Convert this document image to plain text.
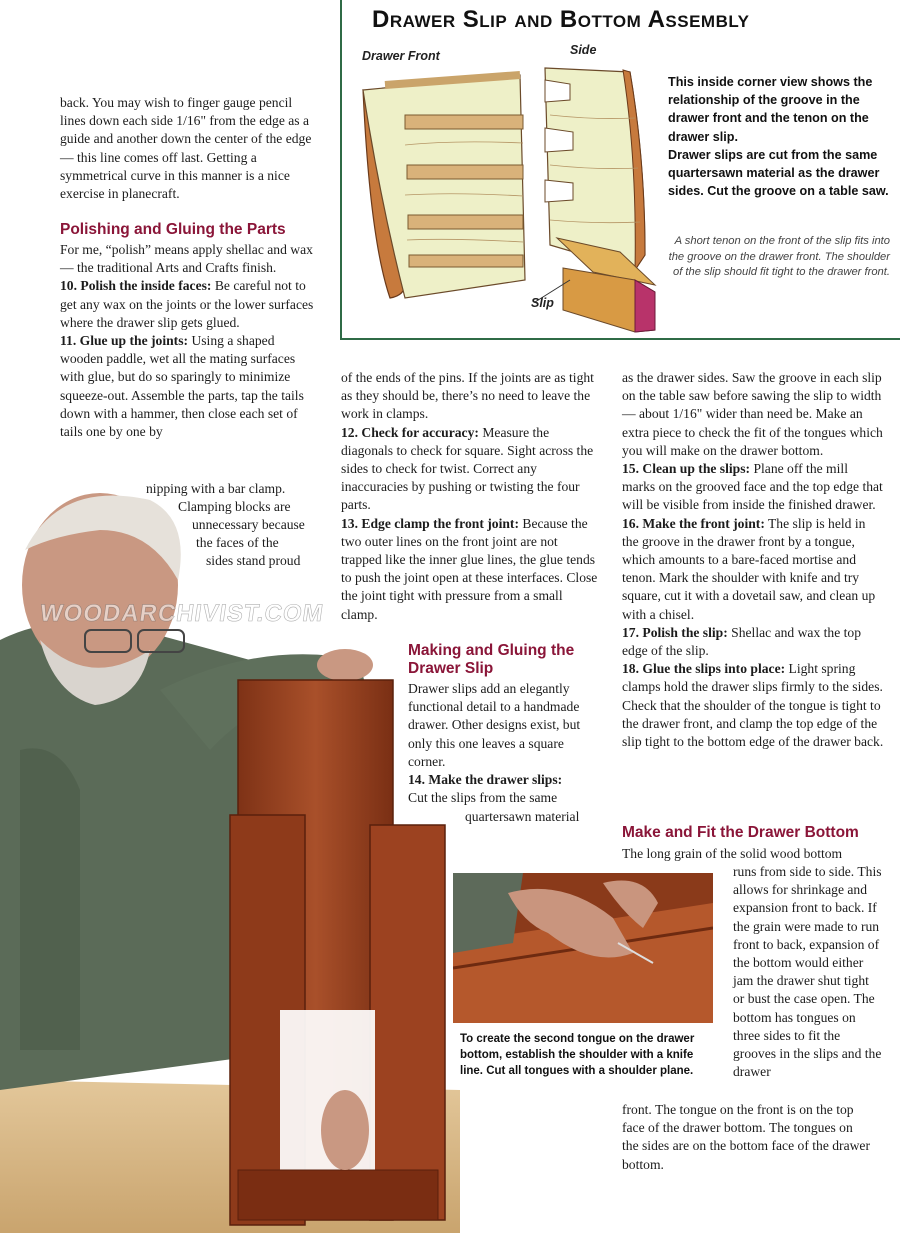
Drawer Slip and Bottom Assembly
Drawer Front	Side
Slip
This inside corner view shows the relationship of the groove in the drawer front and the tenon on the drawer slip.
Drawer slips are cut from the same quartersawn material as the drawer sides. Cut the groove on a table saw.
A short tenon on the front of the slip fits into the groove on the drawer front. The shoulder of the slip should fit tight to the drawer front.
back. You may wish to finger gauge pencil lines down each side 1/16" from the edge as a guide and another down the center of the edge — this line comes off last. Getting a symmetrical curve in this manner is a nice exercise in planecraft.
Polishing and Gluing the Parts
For me, “polish” means apply shellac and wax — the traditional Arts and Crafts finish.
10. Polish the inside faces: Be careful not to get any wax on the joints or the lower surfaces where the drawer slip gets glued.
11. Glue up the joints: Using a shaped wooden paddle, wet all the mating surfaces with glue, but do so sparingly to minimize squeeze-out. Assemble the parts, tap the tails down with a hammer, then close each set of tails one by one by
nipping with a bar clamp.
Clamping blocks are
unnecessary because
the faces of the
sides stand proud
WOODARCHIVIST.COM
of the ends of the pins. If the joints are as tight as they should be, there’s no need to leave the work in clamps.
12. Check for accuracy: Measure the diagonals to check for square. Sight across the sides to check for twist. Correct any inaccuracies by pushing or twisting the four parts.
13. Edge clamp the front joint: Because the two outer lines on the front joint are not trapped like the inner glue lines, the glue tends to push the joint open at these interfaces. Close the joint tight with pressure from a small clamp.
Making and Gluing the Drawer Slip
Drawer slips add an elegantly functional detail to a handmade drawer. Other designs exist, but only this one leaves a square corner.
14. Make the drawer slips:
Cut the slips from the same
quartersawn material
as the drawer sides. Saw the groove in each slip on the table saw before sawing the slip to width — about 1/16" wider than need be. Make an extra piece to check the fit of the tongues which you will make on the drawer bottom.
15. Clean up the slips: Plane off the mill marks on the grooved face and the top edge that will be visible from inside the finished drawer.
16. Make the front joint: The slip is held in the groove in the drawer front by a tongue, which amounts to a bare-faced mortise and tenon. Mark the shoulder with knife and try square, cut it with a dovetail saw, and clean up with a chisel.
17. Polish the slip: Shellac and wax the top edge of the slip.
18. Glue the slips into place: Light spring clamps hold the drawer slips firmly to the sides. Check that the shoulder of the tongue is tight to the drawer front, and clamp the top edge of the slip tight to the bottom edge of the drawer back.
Make and Fit the Drawer Bottom
The long grain of the solid wood bottom
runs from side to side. This allows for shrinkage and expansion front to back. If the grain were made to run front to back, expansion of the bottom would either jam the drawer shut tight or bust the case open. The bottom has tongues on three sides to fit the grooves in the slips and the drawer
front. The tongue on the front is on the top face of the drawer bottom. The tongues on the sides are on the bottom face of the drawer bottom.
To create the second tongue on the drawer bottom, establish the shoulder with a knife line. Cut all tongues with a shoulder plane.
